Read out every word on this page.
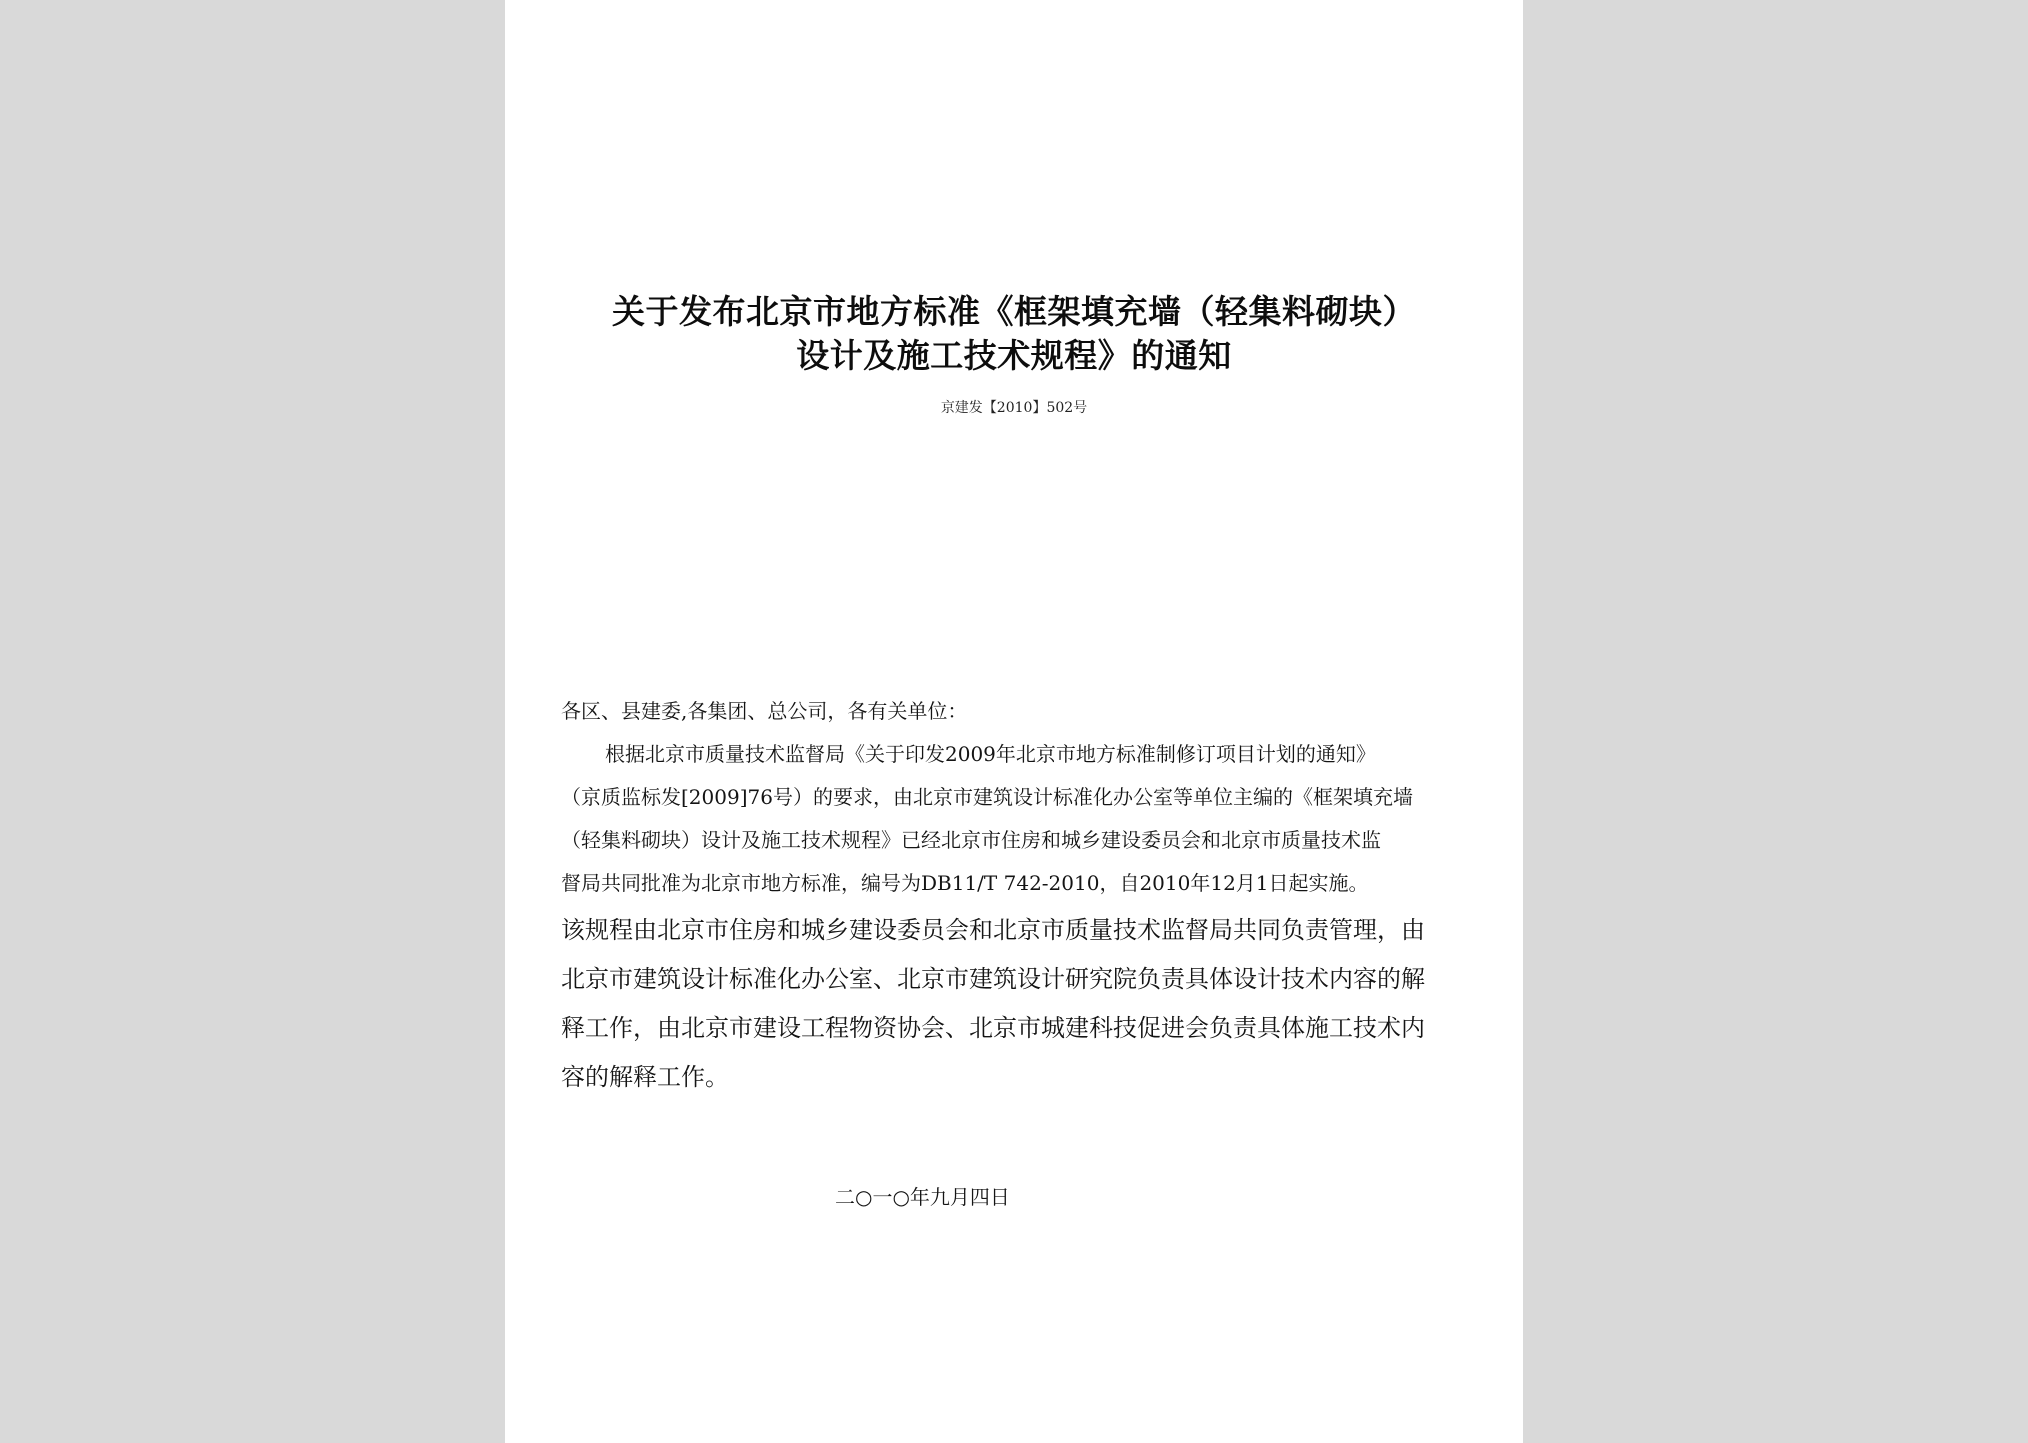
关于发布北京市地方标准《框架填充墙（轻集料砌块）
设计及施工技术规程》的通知
京建发【2010】502号
各区、县建委,各集团、总公司，各有关单位：
根据北京市质量技术监督局《关于印发2009年北京市地方标准制修订项目计划的通知》
（京质监标发[2009]76号）的要求，由北京市建筑设计标准化办公室等单位主编的《框架填充墙
（轻集料砌块）设计及施工技术规程》已经北京市住房和城乡建设委员会和北京市质量技术监
督局共同批准为北京市地方标准，编号为DB11/T 742-2010，自2010年12月1日起实施。
该规程由北京市住房和城乡建设委员会和北京市质量技术监督局共同负责管理，由
北京市建筑设计标准化办公室、北京市建筑设计研究院负责具体设计技术内容的解
释工作，由北京市建设工程物资协会、北京市城建科技促进会负责具体施工技术内
容的解释工作。
二○一○年九月四日
